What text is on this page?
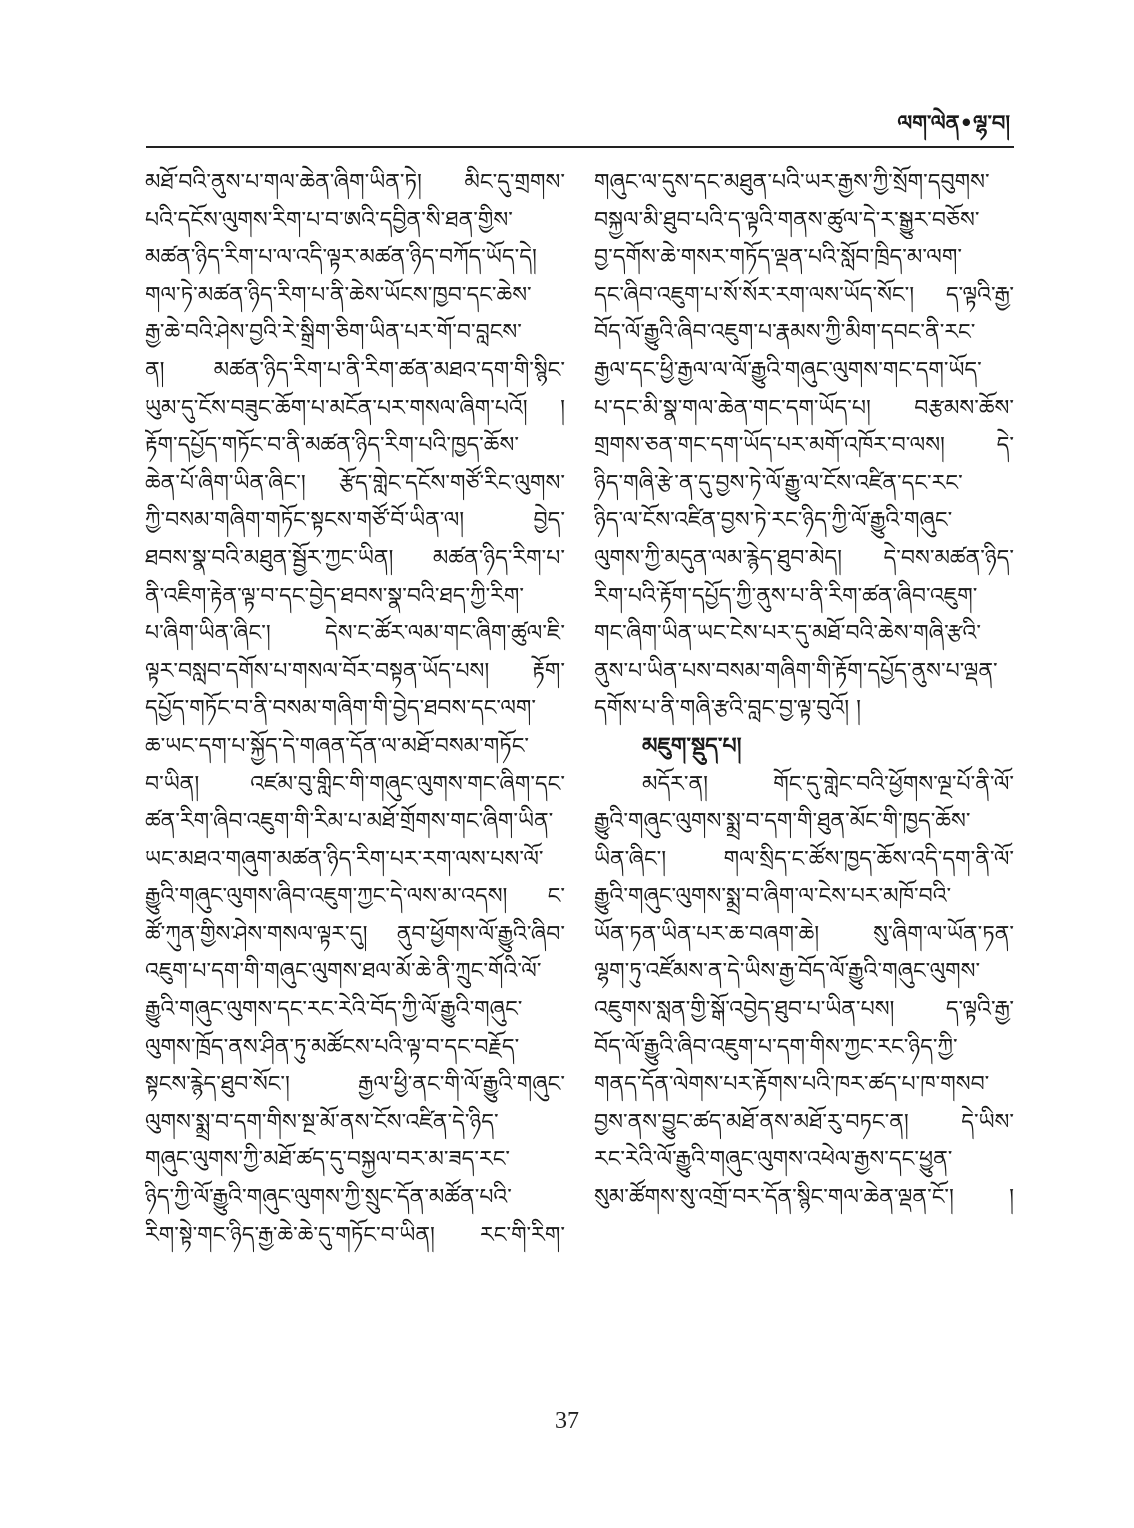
ལག་ལེན•ལྷ་བ།
མཐོ་བའི་ནུས་པ་གལ་ཆེན་ཞིག་ཡིན་ཏེ། མིང་དུ་གྲགས་
པའི་དངོས་ལུགས་རིག་པ་བ་ཨའི་དབྱིན་སི་ཐན་གྱིས་
མཚན་ཉིད་རིག་པ་ལ་འདི་ལྟར་མཚན་ཉིད་བཀོད་ཡོད་དེ།
གལ་ཏེ་མཚན་ཉིད་རིག་པ་ནི་ཆེས་ཡོངས་ཁྱབ་དང་ཆེས་
རྒྱ་ཆེ་བའི་ཤེས་བྱའི་རེ་སྒྲིག་ཅིག་ཡིན་པར་གོ་བ་བླངས་
ན། མཚན་ཉིད་རིག་པ་ནི་རིག་ཚན་མཐའ་དག་གི་སྙིང་
ཡུམ་དུ་ངོས་བཟུང་ཆོག་པ་མངོན་པར་གསལ་ཞིག་པའོ། །
རྟོག་དཔྱོད་གཏོང་བ་ནི་མཚན་ཉིད་རིག་པའི་ཁྱད་ཆོས་
ཆེན་པོ་ཞིག་ཡིན་ཞིང་། རྩོད་གླེང་དངོས་གཙོ་རིང་ལུགས་
ཀྱི་བསམ་གཞིག་གཏོང་སྟངས་གཙོ་བོ་ཡིན་ལ། བྱེད་
ཐབས་སྣ་བའི་མཐུན་སྦྱོར་ཀྱང་ཡིན། མཚན་ཉིད་རིག་པ་
ནི་འཇིག་རྟེན་ལྟ་བ་དང་བྱེད་ཐབས་སྣ་བའི་ཐད་ཀྱི་རིག་
པ་ཞིག་ཡིན་ཞིང་། དེས་ང་ཚོར་ལམ་གང་ཞིག་ཚུལ་ཇི་
ལྟར་བསླབ་དགོས་པ་གསལ་བོར་བསྟན་ཡོད་པས། རྟོག་
དཔྱོད་གཏོང་བ་ནི་བསམ་གཞིག་གི་བྱེད་ཐབས་དང་ལག་
ཆ་ཡང་དག་པ་སྐྱོད་དེ་གཞན་དོན་ལ་མཐོ་བསམ་གཏོང་
བ་ཡིན། འཛམ་བུ་གླིང་གི་གཞུང་ལུགས་གང་ཞིག་དང་
ཚན་རིག་ཞིབ་འཇུག་གི་རིམ་པ་མཐོ་གྲོགས་གང་ཞིག་ཡིན་
ཡང་མཐའ་གཞུག་མཚན་ཉིད་རིག་པར་རག་ལས་པས་ལོ་
རྒྱུའི་གཞུང་ལུགས་ཞིབ་འཇུག་ཀྱང་དེ་ལས་མ་འདས། ང་
ཚོ་ཀུན་གྱིས་ཤེས་གསལ་ལྟར་དུ། ནུབ་ཕྱོགས་ལོ་རྒྱུའི་ཞིབ་
འཇུག་པ་དག་གི་གཞུང་ལུགས་ཐལ་མོ་ཆེ་ནི་ཀྲུང་གོའི་ལོ་
རྒྱུའི་གཞུང་ལུགས་དང་རང་རེའི་བོད་ཀྱི་ལོ་རྒྱུའི་གཞུང་
ལུགས་ཁྲོད་ནས་ཤིན་ཏུ་མཚོངས་པའི་ལྟ་བ་དང་བརྗོད་
སྟངས་རྙེད་ཐུབ་སོང་། རྒྱལ་ཕྱི་ནང་གི་ལོ་རྒྱུའི་གཞུང་
ལུགས་སྨྲ་བ་དག་གིས་སྔ་མོ་ནས་ངོས་འཛིན་དེ་ཉིད་
གཞུང་ལུགས་ཀྱི་མཐོ་ཚད་དུ་བསྐྱལ་བར་མ་ཟད་རང་
ཉིད་ཀྱི་ལོ་རྒྱུའི་གཞུང་ལུགས་ཀྱི་སྲུང་དོན་མཚོན་པའི་
རིག་སྟེ་གང་ཉིད་རྒྱ་ཆེ་ཆེ་དུ་གཏོང་བ་ཡིན། རང་གི་རིག་
གཞུང་ལ་དུས་དང་མཐུན་པའི་ཡར་རྒྱས་ཀྱི་སྲོག་དབུགས་
བསྐྱལ་མི་ཐུབ་པའི་ད་ལྟའི་གནས་ཚུལ་དེ་ར་སྒྱུར་བཅོས་
བྱ་དགོས་ཆེ་གསར་གཏོད་ལྡན་པའི་སློབ་ཁྲིད་མ་ལག་
དང་ཞིབ་འཇུག་པ་སོ་སོར་རག་ལས་ཡོད་སོང་། ད་ལྟའི་རྒྱ་
བོད་ལོ་རྒྱུའི་ཞིབ་འཇུག་པ་རྣམས་ཀྱི་མིག་དབང་ནི་རང་
རྒྱལ་དང་ཕྱི་རྒྱལ་ལ་ལོ་རྒྱུའི་གཞུང་ལུགས་གང་དག་ཡོད་
པ་དང་མི་སྣ་གལ་ཆེན་གང་དག་ཡོད་པ། བརྩམས་ཆོས་
གྲགས་ཅན་གང་དག་ཡོད་པར་མགོ་འཁོར་བ་ལས། དེ་
ཉིད་གཞི་རྩེ་ན་དུ་བྱས་ཏེ་ལོ་རྒྱུ་ལ་ངོས་འཛིན་དང་རང་
ཉིད་ལ་ངོས་འཛིན་བྱས་ཏེ་རང་ཉིད་ཀྱི་ལོ་རྒྱུའི་གཞུང་
ལུགས་ཀྱི་མདུན་ལམ་རྙེད་ཐུབ་མེད། དེ་བས་མཚན་ཉིད་
རིག་པའི་རྟོག་དཔྱོད་ཀྱི་ནུས་པ་ནི་རིག་ཚན་ཞིབ་འཇུག་
གང་ཞིག་ཡིན་ཡང་ངེས་པར་དུ་མཐོ་བའི་ཆེས་གཞི་རྩའི་
ནུས་པ་ཡིན་པས་བསམ་གཞིག་གི་རྟོག་དཔྱོད་ནུས་པ་ལྡན་
དགོས་པ་ནི་གཞི་རྩའི་བླང་བྱ་ལྟ་བུའོ། །
མཇུག་སྡུད་པ།
མདོར་ན། གོང་དུ་གླེང་བའི་ཕྱོགས་ལྔ་པོ་ནི་ལོ་
རྒྱུའི་གཞུང་ལུགས་སྨྲ་བ་དག་གི་ཐུན་མོང་གི་ཁྱད་ཆོས་
ཡིན་ཞིང་། གལ་སྲིད་ང་ཚོས་ཁྱད་ཆོས་འདི་དག་ནི་ལོ་
རྒྱུའི་གཞུང་ལུགས་སྨྲ་བ་ཞིག་ལ་ངེས་པར་མཁོ་བའི་
ཡོན་ཏན་ཡིན་པར་ཆ་བཞག་ཆེ། སུ་ཞིག་ལ་ཡོན་ཏན་
ལྷག་ཏུ་འཛོམས་ན་དེ་ཡིས་རྒྱ་བོད་ལོ་རྒྱུའི་གཞུང་ལུགས་
འཇུགས་སླན་གྱི་སྒོ་འབྱེད་ཐུབ་པ་ཡིན་པས། ད་ལྟའི་རྒྱ་
བོད་ལོ་རྒྱུའི་ཞིབ་འཇུག་པ་དག་གིས་ཀྱང་རང་ཉིད་ཀྱི་
གནད་དོན་ལེགས་པར་རྟོགས་པའི་ཁར་ཚད་པ་ཁ་གསབ་
བྱས་ནས་བྱུང་ཚད་མཐོ་ནས་མཐོ་རུ་བཏང་ན། དེ་ཡིས་
རང་རེའི་ལོ་རྒྱུའི་གཞུང་ལུགས་འཕེལ་རྒྱས་དང་ཕྱུན་
སུམ་ཚོགས་སུ་འགྲོ་བར་དོན་སྙིང་གལ་ཆེན་ལྡན་ངོ་། །
37
